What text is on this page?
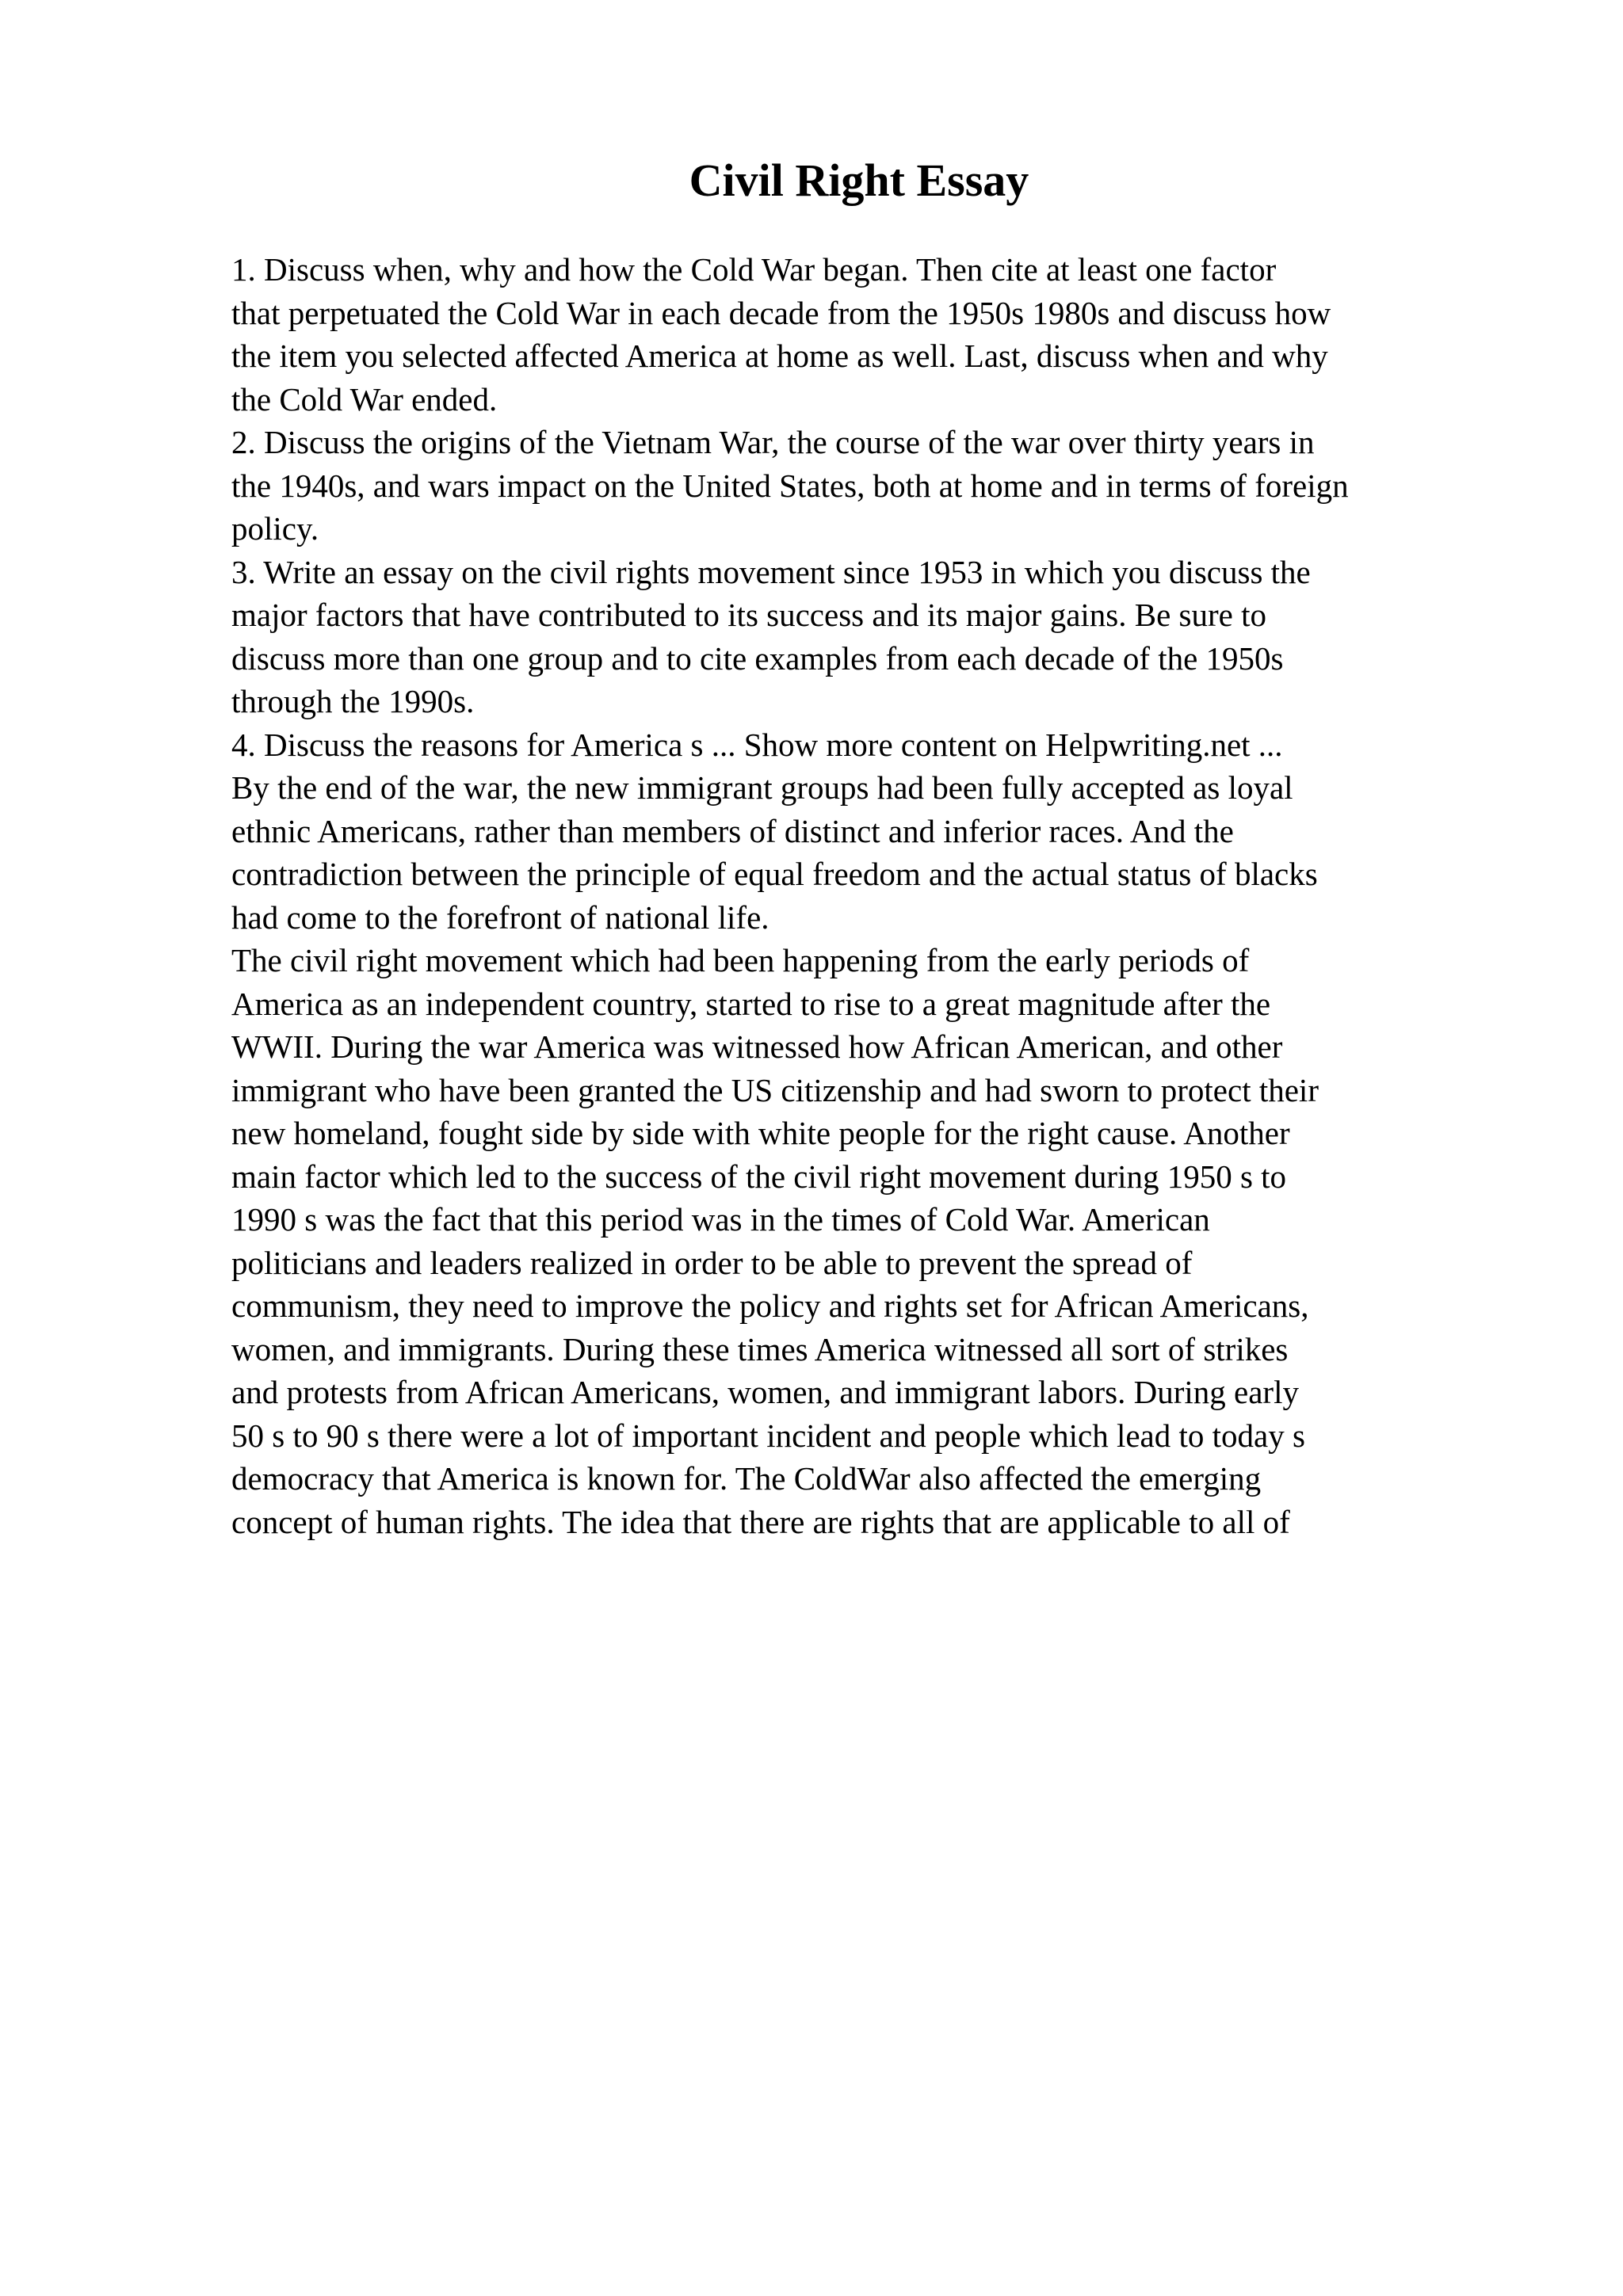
Civil Right Essay
1. Discuss when, why and how the Cold War began. Then cite at least one factor
that perpetuated the Cold War in each decade from the 1950s 1980s and discuss how
the item you selected affected America at home as well. Last, discuss when and why
the Cold War ended.
2. Discuss the origins of the Vietnam War, the course of the war over thirty years in
the 1940s, and wars impact on the United States, both at home and in terms of foreign
policy.
3. Write an essay on the civil rights movement since 1953 in which you discuss the
major factors that have contributed to its success and its major gains. Be sure to
discuss more than one group and to cite examples from each decade of the 1950s
through the 1990s.
4. Discuss the reasons for America s ... Show more content on Helpwriting.net ...
By the end of the war, the new immigrant groups had been fully accepted as loyal
ethnic Americans, rather than members of distinct and inferior races. And the
contradiction between the principle of equal freedom and the actual status of blacks
had come to the forefront of national life.
The civil right movement which had been happening from the early periods of
America as an independent country, started to rise to a great magnitude after the
WWII. During the war America was witnessed how African American, and other
immigrant who have been granted the US citizenship and had sworn to protect their
new homeland, fought side by side with white people for the right cause. Another
main factor which led to the success of the civil right movement during 1950 s to
1990 s was the fact that this period was in the times of Cold War. American
politicians and leaders realized in order to be able to prevent the spread of
communism, they need to improve the policy and rights set for African Americans,
women, and immigrants. During these times America witnessed all sort of strikes
and protests from African Americans, women, and immigrant labors. During early
50 s to 90 s there were a lot of important incident and people which lead to today s
democracy that America is known for. The ColdWar also affected the emerging
concept of human rights. The idea that there are rights that are applicable to all of
